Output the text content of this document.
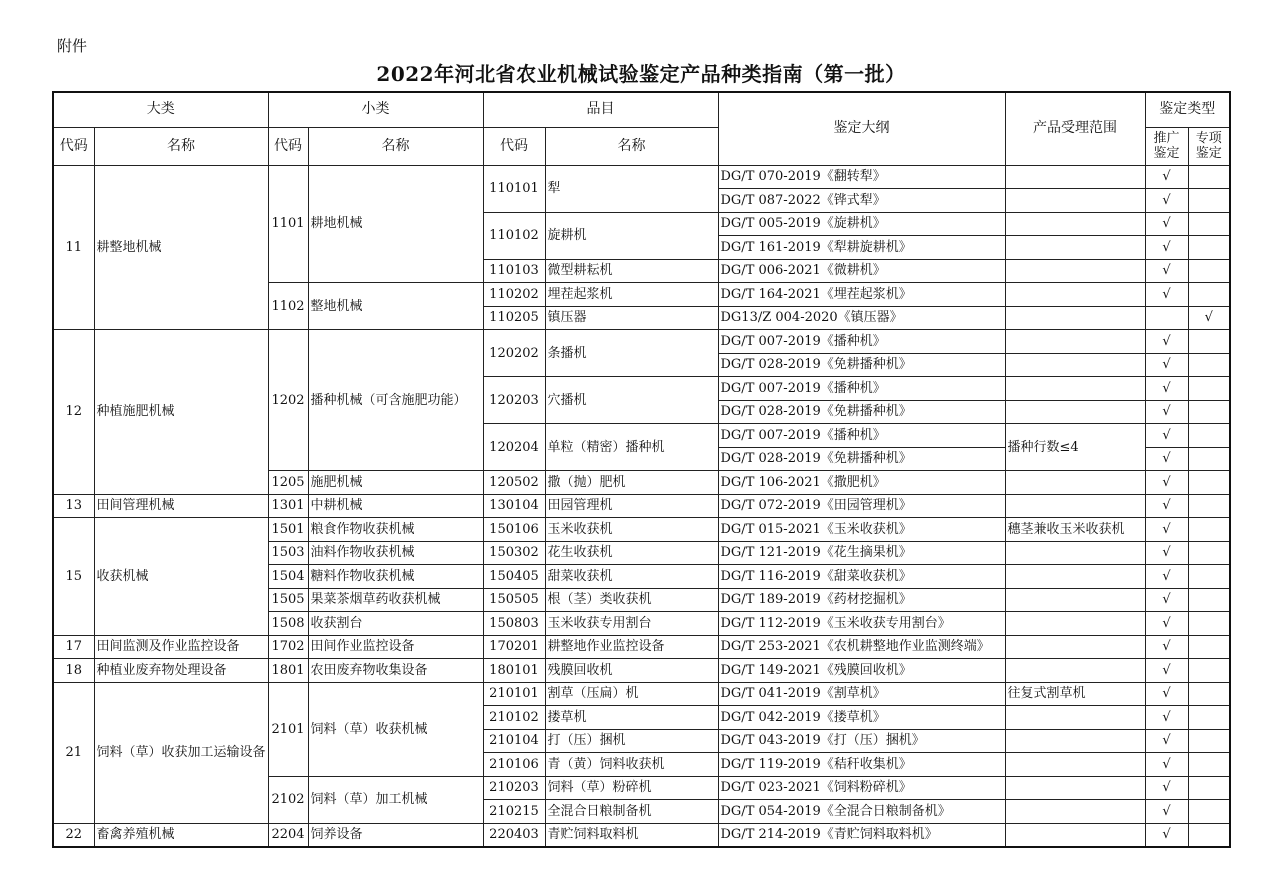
附件
2022年河北省农业机械试验鉴定产品种类指南（第一批）
大类		小类		品目		鉴定大纲	产品受理范围	鉴定类型	
代码	名称	代码	名称	代码	名称			推广鉴定	专项鉴定
11	耕整地机械	1101	耕地机械	110101	犁	DG/T 070-2019《翻转犁》		√	
						DG/T 087-2022《铧式犁》		√	
				110102	旋耕机	DG/T 005-2019《旋耕机》		√	
						DG/T 161-2019《犁耕旋耕机》		√	
				110103	微型耕耘机	DG/T 006-2021《微耕机》		√	
		1102	整地机械	110202	埋茬起浆机	DG/T 164-2021《埋茬起浆机》		√	
				110205	镇压器	DG13/Z 004-2020《镇压器》			√
12	种植施肥机械	1202	播种机械（可含施肥功能）	120202	条播机	DG/T 007-2019《播种机》		√	
						DG/T 028-2019《免耕播种机》		√	
				120203	穴播机	DG/T 007-2019《播种机》		√	
						DG/T 028-2019《免耕播种机》		√	
				120204	单粒（精密）播种机	DG/T 007-2019《播种机》	播种行数≤4	√	
						DG/T 028-2019《免耕播种机》		√	
		1205	施肥机械	120502	撒（抛）肥机	DG/T 106-2021《撒肥机》		√	
13	田间管理机械	1301	中耕机械	130104	田园管理机	DG/T 072-2019《田园管理机》		√	
15	收获机械	1501	粮食作物收获机械	150106	玉米收获机	DG/T 015-2021《玉米收获机》	穗茎兼收玉米收获机	√	
		1503	油料作物收获机械	150302	花生收获机	DG/T 121-2019《花生摘果机》		√	
		1504	糖料作物收获机械	150405	甜菜收获机	DG/T 116-2019《甜菜收获机》		√	
		1505	果菜茶烟草药收获机械	150505	根（茎）类收获机	DG/T 189-2019《药材挖掘机》		√	
		1508	收获割台	150803	玉米收获专用割台	DG/T 112-2019《玉米收获专用割台》		√	
17	田间监测及作业监控设备	1702	田间作业监控设备	170201	耕整地作业监控设备	DG/T 253-2021《农机耕整地作业监测终端》		√	
18	种植业废弃物处理设备	1801	农田废弃物收集设备	180101	残膜回收机	DG/T 149-2021《残膜回收机》		√	
21	饲料（草）收获加工运输设备	2101	饲料（草）收获机械	210101	割草（压扁）机	DG/T 041-2019《割草机》	往复式割草机	√	
				210102	搂草机	DG/T 042-2019《搂草机》		√	
				210104	打（压）捆机	DG/T 043-2019《打（压）捆机》		√	
				210106	青（黄）饲料收获机	DG/T 119-2019《秸秆收集机》		√	
		2102	饲料（草）加工机械	210203	饲料（草）粉碎机	DG/T 023-2021《饲料粉碎机》		√	
				210215	全混合日粮制备机	DG/T 054-2019《全混合日粮制备机》		√	
22	畜禽养殖机械	2204	饲养设备	220403	青贮饲料取料机	DG/T 214-2019《青贮饲料取料机》		√	
